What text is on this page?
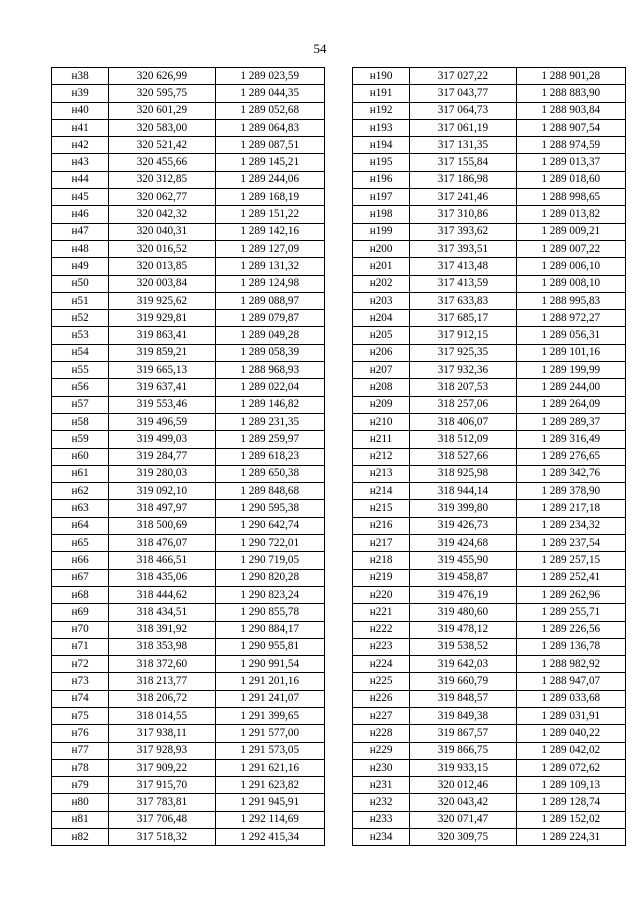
54
н38	320 626,99	1 289 023,59		н190	317 027,22	1 288 901,28
н39	320 595,75	1 289 044,35		н191	317 043,77	1 288 883,90
н40	320 601,29	1 289 052,68		н192	317 064,73	1 288 903,84
н41	320 583,00	1 289 064,83		н193	317 061,19	1 288 907,54
н42	320 521,42	1 289 087,51		н194	317 131,35	1 288 974,59
н43	320 455,66	1 289 145,21		н195	317 155,84	1 289 013,37
н44	320 312,85	1 289 244,06		н196	317 186,98	1 289 018,60
н45	320 062,77	1 289 168,19		н197	317 241,46	1 288 998,65
н46	320 042,32	1 289 151,22		н198	317 310,86	1 289 013,82
н47	320 040,31	1 289 142,16		н199	317 393,62	1 289 009,21
н48	320 016,52	1 289 127,09		н200	317 393,51	1 289 007,22
н49	320 013,85	1 289 131,32		н201	317 413,48	1 289 006,10
н50	320 003,84	1 289 124,98		н202	317 413,59	1 289 008,10
н51	319 925,62	1 289 088,97		н203	317 633,83	1 288 995,83
н52	319 929,81	1 289 079,87		н204	317 685,17	1 288 972,27
н53	319 863,41	1 289 049,28		н205	317 912,15	1 289 056,31
н54	319 859,21	1 289 058,39		н206	317 925,35	1 289 101,16
н55	319 665,13	1 288 968,93		н207	317 932,36	1 289 199,99
н56	319 637,41	1 289 022,04		н208	318 207,53	1 289 244,00
н57	319 553,46	1 289 146,82		н209	318 257,06	1 289 264,09
н58	319 496,59	1 289 231,35		н210	318 406,07	1 289 289,37
н59	319 499,03	1 289 259,97		н211	318 512,09	1 289 316,49
н60	319 284,77	1 289 618,23		н212	318 527,66	1 289 276,65
н61	319 280,03	1 289 650,38		н213	318 925,98	1 289 342,76
н62	319 092,10	1 289 848,68		н214	318 944,14	1 289 378,90
н63	318 497,97	1 290 595,38		н215	319 399,80	1 289 217,18
н64	318 500,69	1 290 642,74		н216	319 426,73	1 289 234,32
н65	318 476,07	1 290 722,01		н217	319 424,68	1 289 237,54
н66	318 466,51	1 290 719,05		н218	319 455,90	1 289 257,15
н67	318 435,06	1 290 820,28		н219	319 458,87	1 289 252,41
н68	318 444,62	1 290 823,24		н220	319 476,19	1 289 262,96
н69	318 434,51	1 290 855,78		н221	319 480,60	1 289 255,71
н70	318 391,92	1 290 884,17		н222	319 478,12	1 289 226,56
н71	318 353,98	1 290 955,81		н223	319 538,52	1 289 136,78
н72	318 372,60	1 290 991,54		н224	319 642,03	1 288 982,92
н73	318 213,77	1 291 201,16		н225	319 660,79	1 288 947,07
н74	318 206,72	1 291 241,07		н226	319 848,57	1 289 033,68
н75	318 014,55	1 291 399,65		н227	319 849,38	1 289 031,91
н76	317 938,11	1 291 577,00		н228	319 867,57	1 289 040,22
н77	317 928,93	1 291 573,05		н229	319 866,75	1 289 042,02
н78	317 909,22	1 291 621,16		н230	319 933,15	1 289 072,62
н79	317 915,70	1 291 623,82		н231	320 012,46	1 289 109,13
н80	317 783,81	1 291 945,91		н232	320 043,42	1 289 128,74
н81	317 706,48	1 292 114,69		н233	320 071,47	1 289 152,02
н82	317 518,32	1 292 415,34		н234	320 309,75	1 289 224,31
